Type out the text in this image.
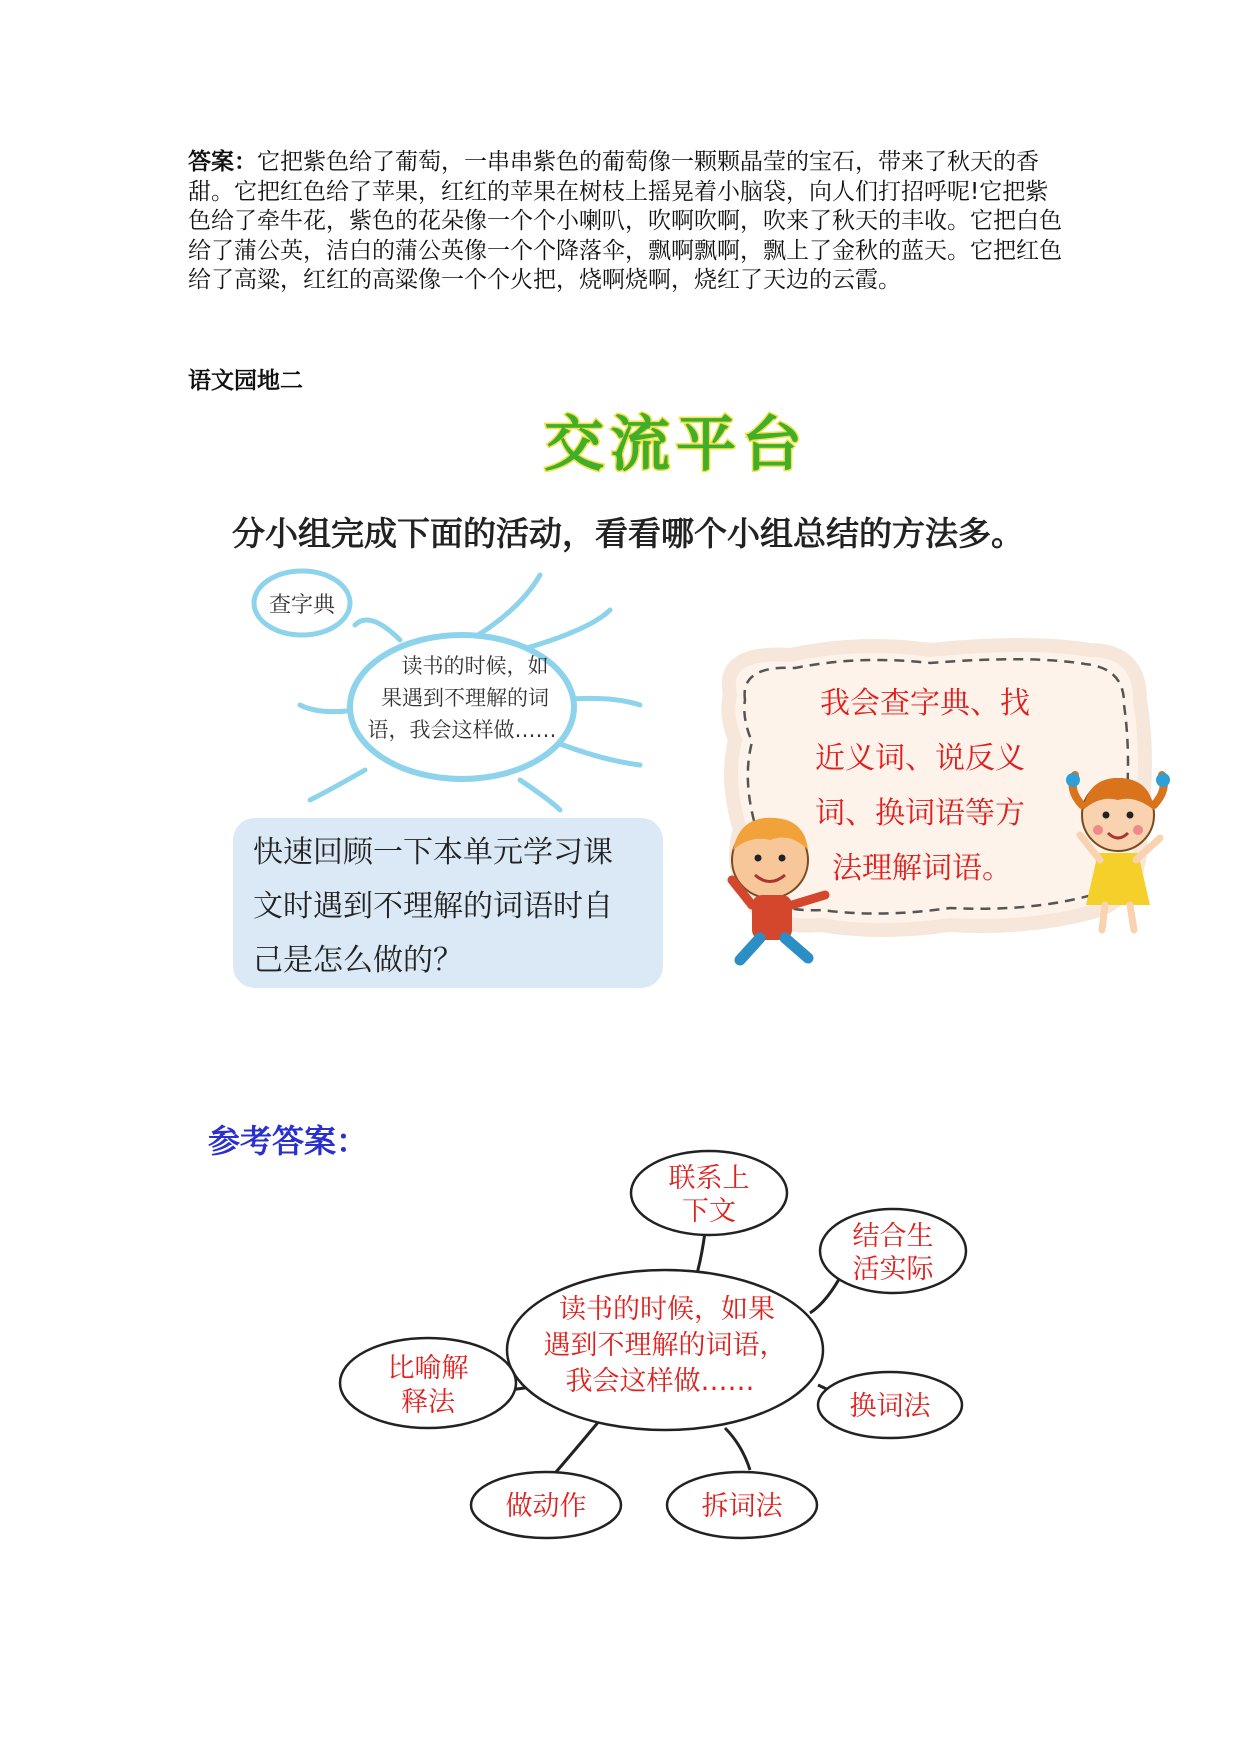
答案：它把紫色给了葡萄，一串串紫色的葡萄像一颗颗晶莹的宝石，带来了秋天的香甜。它把红色给了苹果，红红的苹果在树枝上摇晃着小脑袋，向人们打招呼呢!它把紫色给了牵牛花，紫色的花朵像一个个小喇叭，吹啊吹啊，吹来了秋天的丰收。它把白色给了蒲公英，洁白的蒲公英像一个个降落伞，飘啊飘啊，飘上了金秋的蓝天。它把红色给了高粱，红红的高粱像一个个火把，烧啊烧啊，烧红了天边的云霞。
语文园地二
交流平台
分小组完成下面的活动，看看哪个小组总结的方法多。
查字典
读书的时候，如
果遇到不理解的词
语，我会这样做……
快速回顾一下本单元学习课
文时遇到不理解的词语时自
己是怎么做的？
我会查字典、找
近义词、说反义
词、换词语等方
法理解词语。
参考答案：
读书的时候，如果
遇到不理解的词语，
我会这样做……
联系上
下文
结合生
活实际
比喻解
释法	换词法
做动作	拆词法
